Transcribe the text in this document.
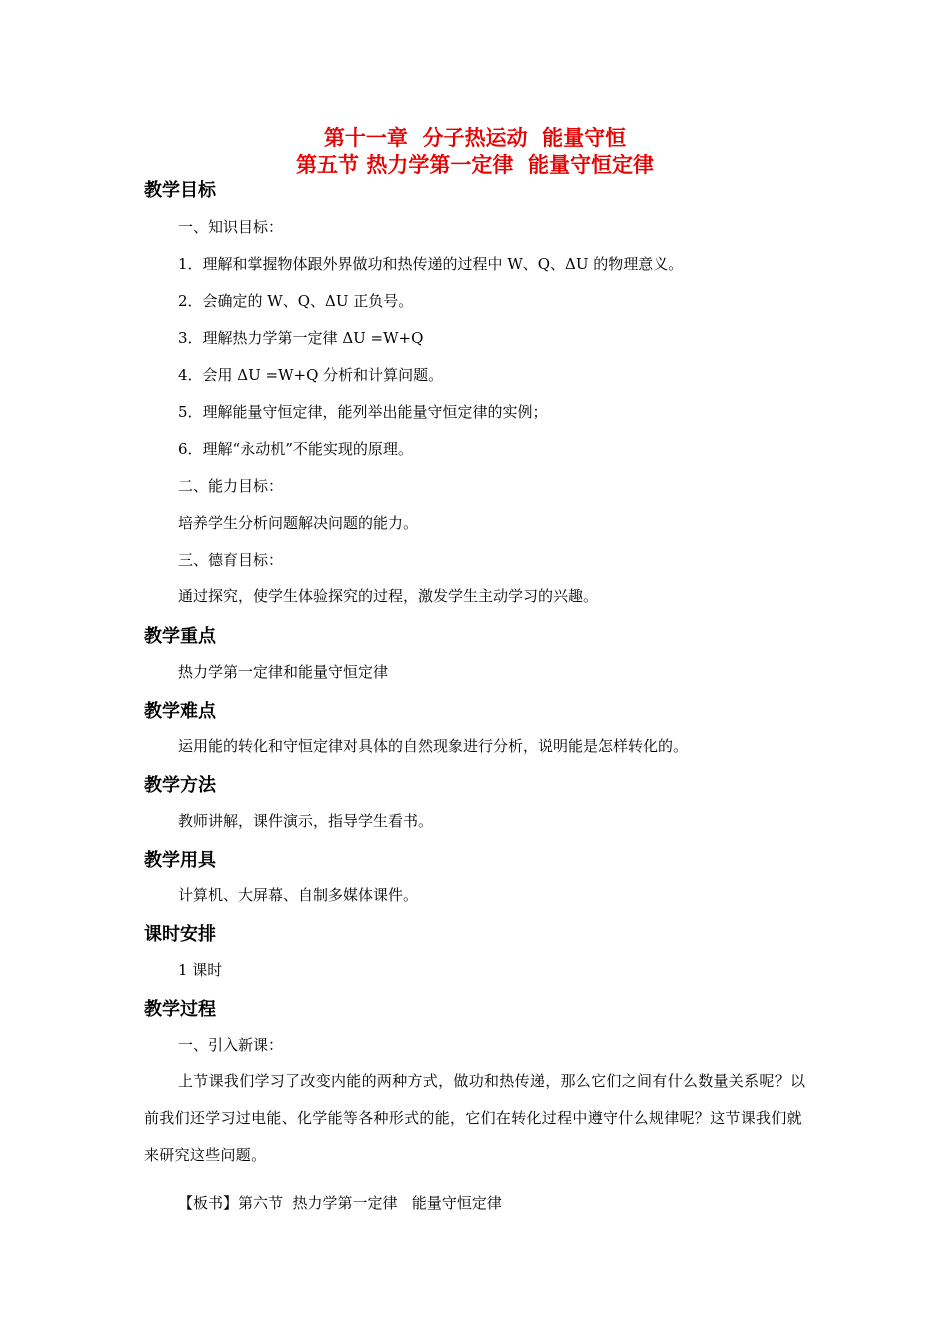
第十一章  分子热运动  能量守恒
第五节 热力学第一定律  能量守恒定律
教学目标
一、知识目标：
1．理解和掌握物体跟外界做功和热传递的过程中 W、Q、ΔU 的物理意义。
2．会确定的 W、Q、ΔU 正负号。
3．理解热力学第一定律 ΔU =W+Q
4．会用 ΔU =W+Q 分析和计算问题。
5．理解能量守恒定律，能列举出能量守恒定律的实例；
6．理解“永动机”不能实现的原理。
二、能力目标：
培养学生分析问题解决问题的能力。
三、德育目标：
通过探究，使学生体验探究的过程，激发学生主动学习的兴趣。
教学重点
热力学第一定律和能量守恒定律
教学难点
运用能的转化和守恒定律对具体的自然现象进行分析，说明能是怎样转化的。
教学方法
教师讲解，课件演示，指导学生看书。
教学用具
计算机、大屏幕、自制多媒体课件。
课时安排
1 课时
教学过程
一、引入新课：
上节课我们学习了改变内能的两种方式，做功和热传递，那么它们之间有什么数量关系呢？以前我们还学习过电能、化学能等各种形式的能，它们在转化过程中遵守什么规律呢？这节课我们就来研究这些问题。
【板书】第六节  热力学第一定律   能量守恒定律
